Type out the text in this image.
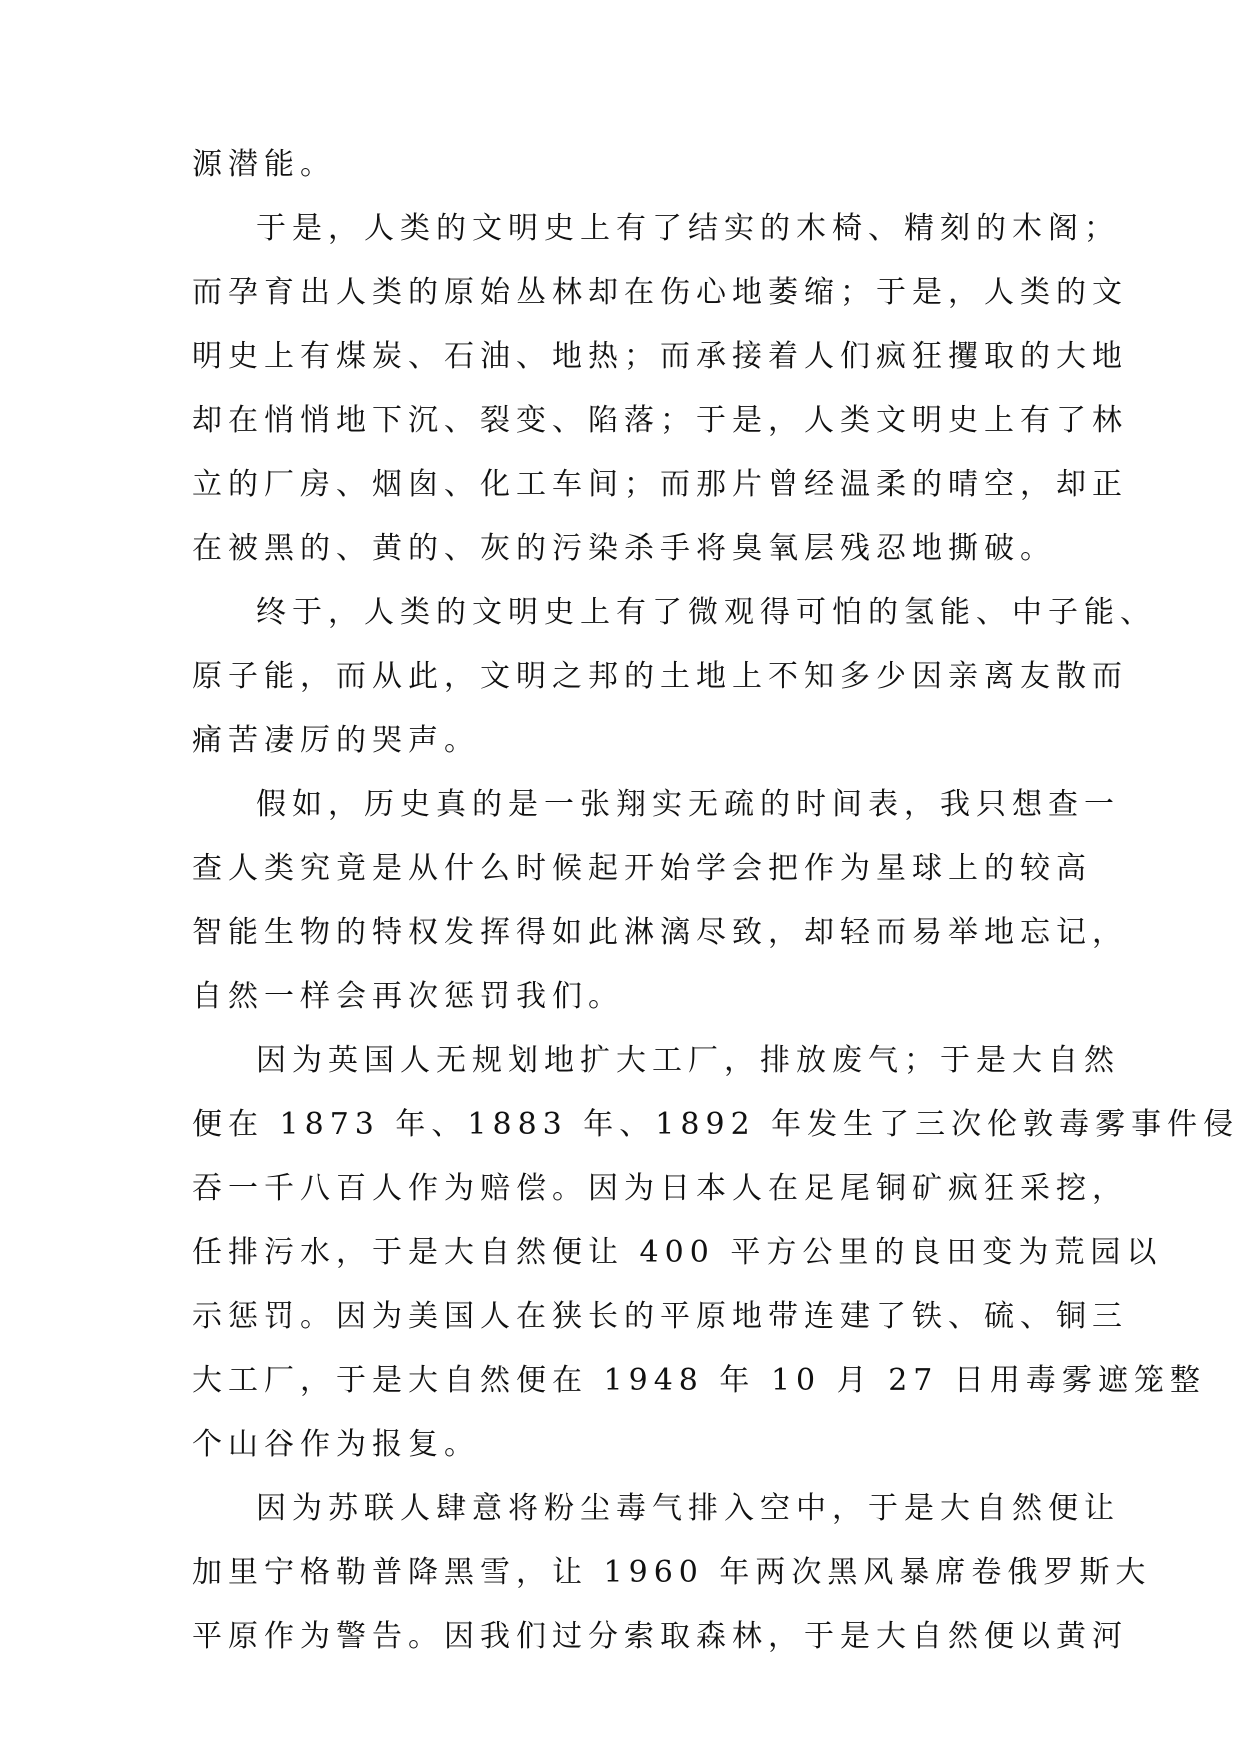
源潜能。
于是，人类的文明史上有了结实的木椅、精刻的木阁；
而孕育出人类的原始丛林却在伤心地萎缩；于是，人类的文
明史上有煤炭、石油、地热；而承接着人们疯狂攫取的大地
却在悄悄地下沉、裂变、陷落；于是，人类文明史上有了林
立的厂房、烟囱、化工车间；而那片曾经温柔的晴空，却正
在被黑的、黄的、灰的污染杀手将臭氧层残忍地撕破。
终于，人类的文明史上有了微观得可怕的氢能、中子能、
原子能，而从此，文明之邦的土地上不知多少因亲离友散而
痛苦凄厉的哭声。
假如，历史真的是一张翔实无疏的时间表，我只想查一
查人类究竟是从什么时候起开始学会把作为星球上的较高
智能生物的特权发挥得如此淋漓尽致，却轻而易举地忘记，
自然一样会再次惩罚我们。
因为英国人无规划地扩大工厂，排放废气；于是大自然
便在 1873 年、1883 年、1892 年发生了三次伦敦毒雾事件侵
吞一千八百人作为赔偿。因为日本人在足尾铜矿疯狂采挖，
任排污水，于是大自然便让 400 平方公里的良田变为荒园以
示惩罚。因为美国人在狭长的平原地带连建了铁、硫、铜三
大工厂，于是大自然便在 1948 年 10 月 27 日用毒雾遮笼整
个山谷作为报复。
因为苏联人肆意将粉尘毒气排入空中，于是大自然便让
加里宁格勒普降黑雪，让 1960 年两次黑风暴席卷俄罗斯大
平原作为警告。因我们过分索取森林，于是大自然便以黄河
